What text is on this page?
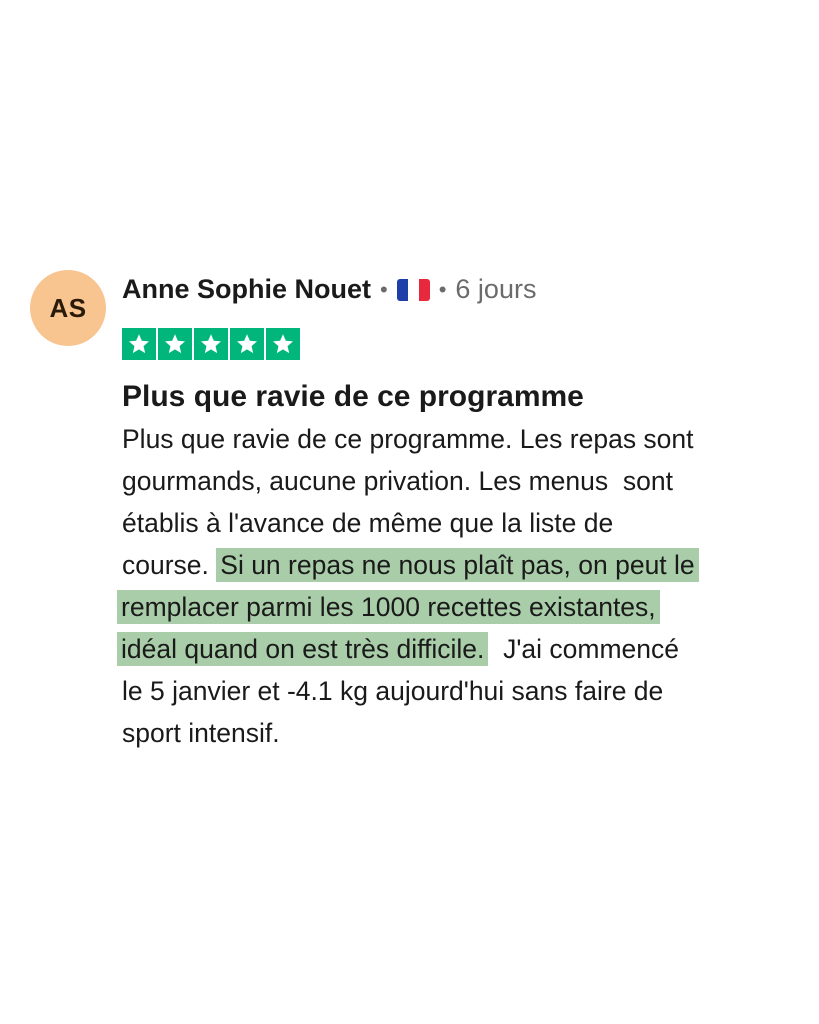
AS
Anne Sophie Nouet • • 6 jours
Plus que ravie de ce programme
Plus que ravie de ce programme. Les repas sont
gourmands, aucune privation. Les menus  sont
établis à l'avance de même que la liste de
course. Si un repas ne nous plaît pas, on peut le
remplacer parmi les 1000 recettes existantes,
idéal quand on est très difficile.  J'ai commencé
le 5 janvier et -4.1 kg aujourd'hui sans faire de
sport intensif.
